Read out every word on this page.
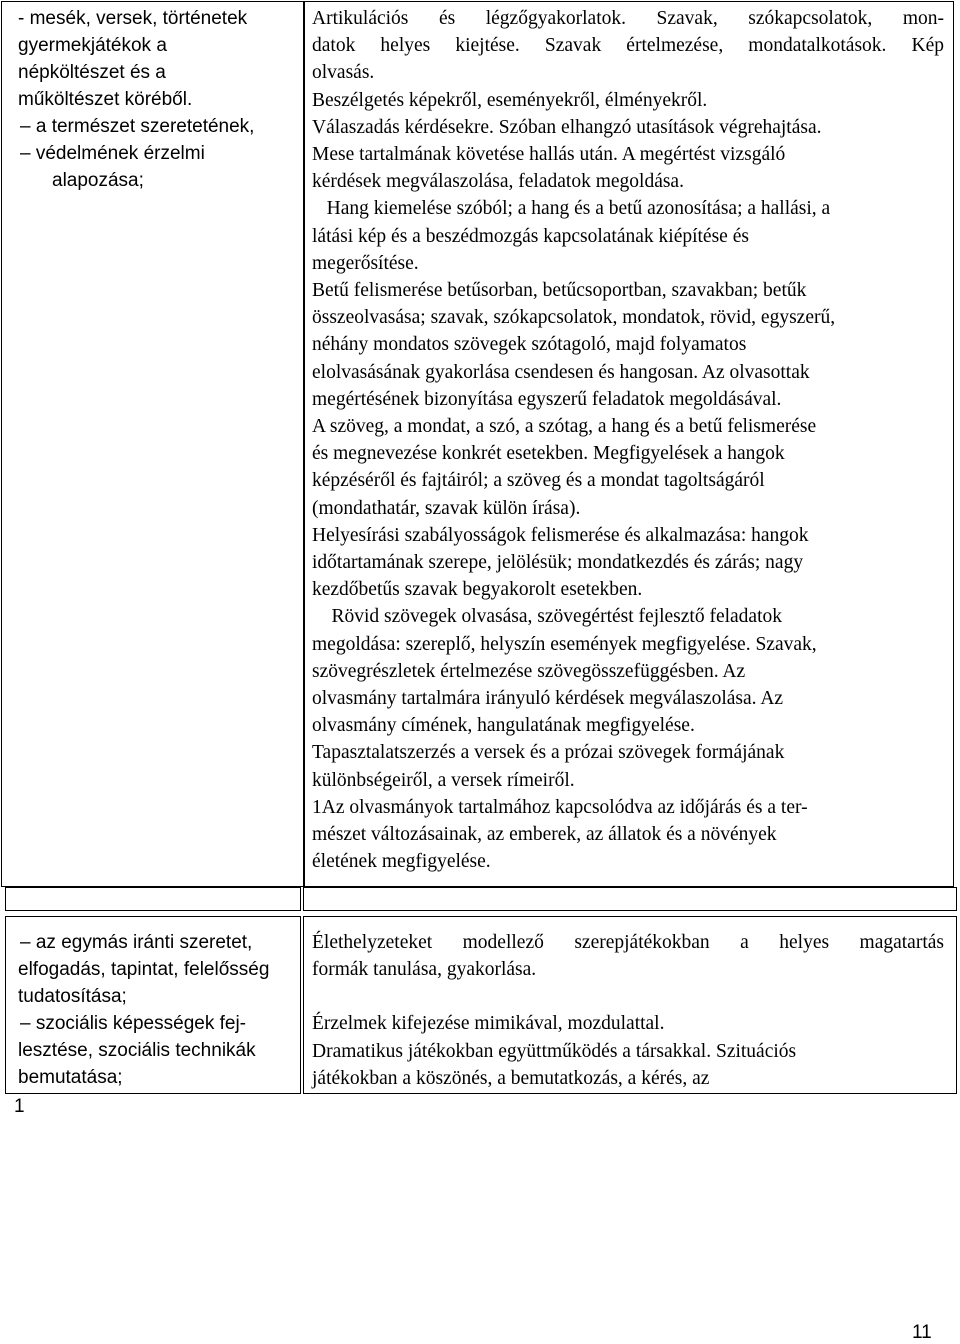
- mesék, versek, történetek
gyermekjátékok a
népköltészet és a
műköltészet köréből.
– a természet szeretetének,
– védelmének érzelmi
alapozása;
Artikulációs és légzőgyakorlatok. Szavak, szókapcsolatok, mon-
datok helyes kiejtése. Szavak értelmezése, mondatalkotások. Kép
olvasás.
Beszélgetés képekről, eseményekről, élményekről.
Válaszadás kérdésekre. Szóban elhangzó utasítások végrehajtása.
Mese tartalmának követése hallás után. A megértést vizsgáló
kérdések megválaszolása, feladatok megoldása.
Hang kiemelése szóból; a hang és a betű azonosítása; a hallási, a
látási kép és a beszédmozgás kapcsolatának kiépítése és
megerősítése.
Betű felismerése betűsorban, betűcsoportban, szavakban; betűk
összeolvasása; szavak, szókapcsolatok, mondatok, rövid, egyszerű,
néhány mondatos szövegek szótagoló, majd folyamatos
elolvasásának gyakorlása csendesen és hangosan. Az olvasottak
megértésének bizonyítása egyszerű feladatok megoldásával.
A szöveg, a mondat, a szó, a szótag, a hang és a betű felismerése
és megnevezése konkrét esetekben. Megfigyelések a hangok
képzéséről és fajtáiról; a szöveg és a mondat tagoltságáról
(mondathatár, szavak külön írása).
Helyesírási szabályosságok felismerése és alkalmazása: hangok
időtartamának szerepe, jelölésük; mondatkezdés és zárás; nagy
kezdőbetűs szavak begyakorolt esetekben.
Rövid szövegek olvasása, szövegértést fejlesztő feladatok
megoldása: szereplő, helyszín események megfigyelése. Szavak,
szövegrészletek értelmezése szövegösszefüggésben. Az
olvasmány tartalmára irányuló kérdések megválaszolása. Az
olvasmány címének, hangulatának megfigyelése.
Tapasztalatszerzés a versek és a prózai szövegek formájának
különbségeiről, a versek rímeiről.
1Az olvasmányok tartalmához kapcsolódva az időjárás és a ter-
mészet változásainak, az emberek, az állatok és a növények
életének megfigyelése.
– az egymás iránti szeretet,
elfogadás, tapintat, felelősség
tudatosítása;
– szociális képességek fej-
lesztése, szociális technikák
bemutatása;
Élethelyzeteket modellező szerepjátékokban a helyes magatartás
formák tanulása, gyakorlása.
Érzelmek kifejezése mimikával, mozdulattal.
Dramatikus játékokban együttműködés a társakkal. Szituációs
játékokban a köszönés, a bemutatkozás, a kérés, az
1
11
